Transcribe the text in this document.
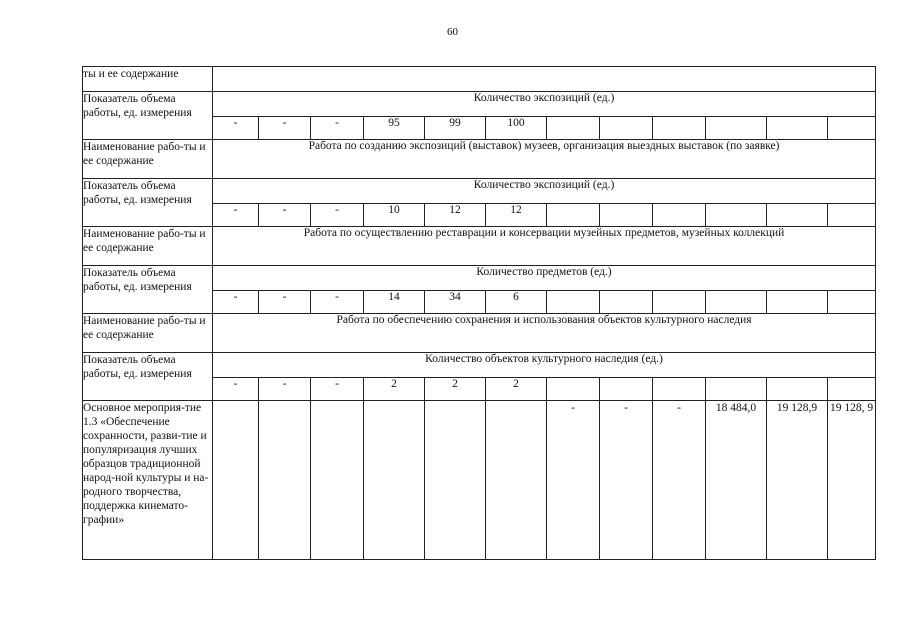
60
ты и ее содержание												
Показатель объема работы, ед. измерения	Количество экспозиций (ед.)											
	-	-	-	95	99	100						
Наименование рабо-ты и ее содержание	Работа по созданию экспозиций (выставок) музеев, организация выездных выставок (по заявке)											
Показатель объема работы, ед. измерения	Количество экспозиций (ед.)											
	-	-	-	10	12	12						
Наименование рабо-ты и ее содержание	Работа по осуществлению реставрации и консервации музейных предметов, музейных коллекций											
Показатель объема работы, ед. измерения	Количество предметов (ед.)											
	-	-	-	14	34	6						
Наименование рабо-ты и ее содержание	Работа по обеспечению сохранения и использования объектов культурного наследия											
Показатель объема работы, ед. измерения	Количество объектов культурного наследия (ед.)											
	-	-	-	2	2	2						
Основное мероприя-тие 1.3 «Обеспечение сохранности, разви-тие и популяризация лучших образцов традиционной народ-ной культуры и на-родного творчества, поддержка кинемато-графии»							-	-	-	18 484,0	19 128,9	19 128, 9
